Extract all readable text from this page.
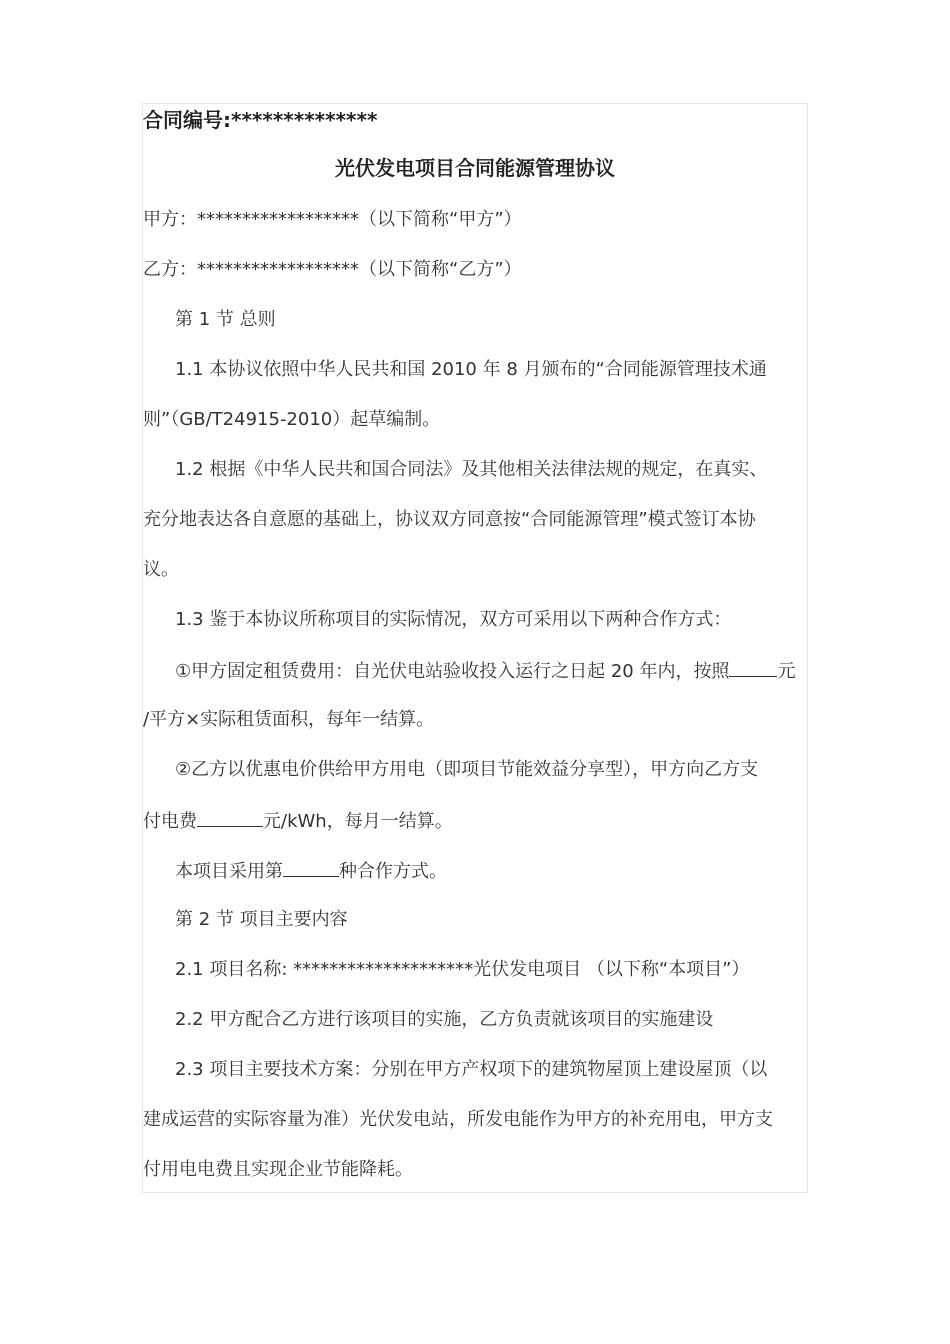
合同编号:**************
光伏发电项目合同能源管理协议
甲方：******************（以下简称“甲方”）
乙方：******************（以下简称“乙方”）
第 1 节 总则
1.1 本协议依照中华人民共和国 2010 年 8 月颁布的“合同能源管理技术通
则”（GB/T24915-2010）起草编制。
1.2 根据《中华人民共和国合同法》及其他相关法律法规的规定，在真实、
充分地表达各自意愿的基础上，协议双方同意按“合同能源管理”模式签订本协
议。
1.3 鉴于本协议所称项目的实际情况，双方可采用以下两种合作方式：
①甲方固定租赁费用：自光伏电站验收投入运行之日起 20 年内，按照	元
/平方×实际租赁面积，每年一结算。
②乙方以优惠电价供给甲方用电（即项目节能效益分享型），甲方向乙方支
付电费	元/kWh，每月一结算。
本项目采用第	种合作方式。
第 2 节 项目主要内容
2.1 项目名称: ********************光伏发电项目 （以下称“本项目”）
2.2 甲方配合乙方进行该项目的实施，乙方负责就该项目的实施建设
2.3 项目主要技术方案：分别在甲方产权项下的建筑物屋顶上建设屋顶（以
建成运营的实际容量为准）光伏发电站，所发电能作为甲方的补充用电，甲方支
付用电电费且实现企业节能降耗。
